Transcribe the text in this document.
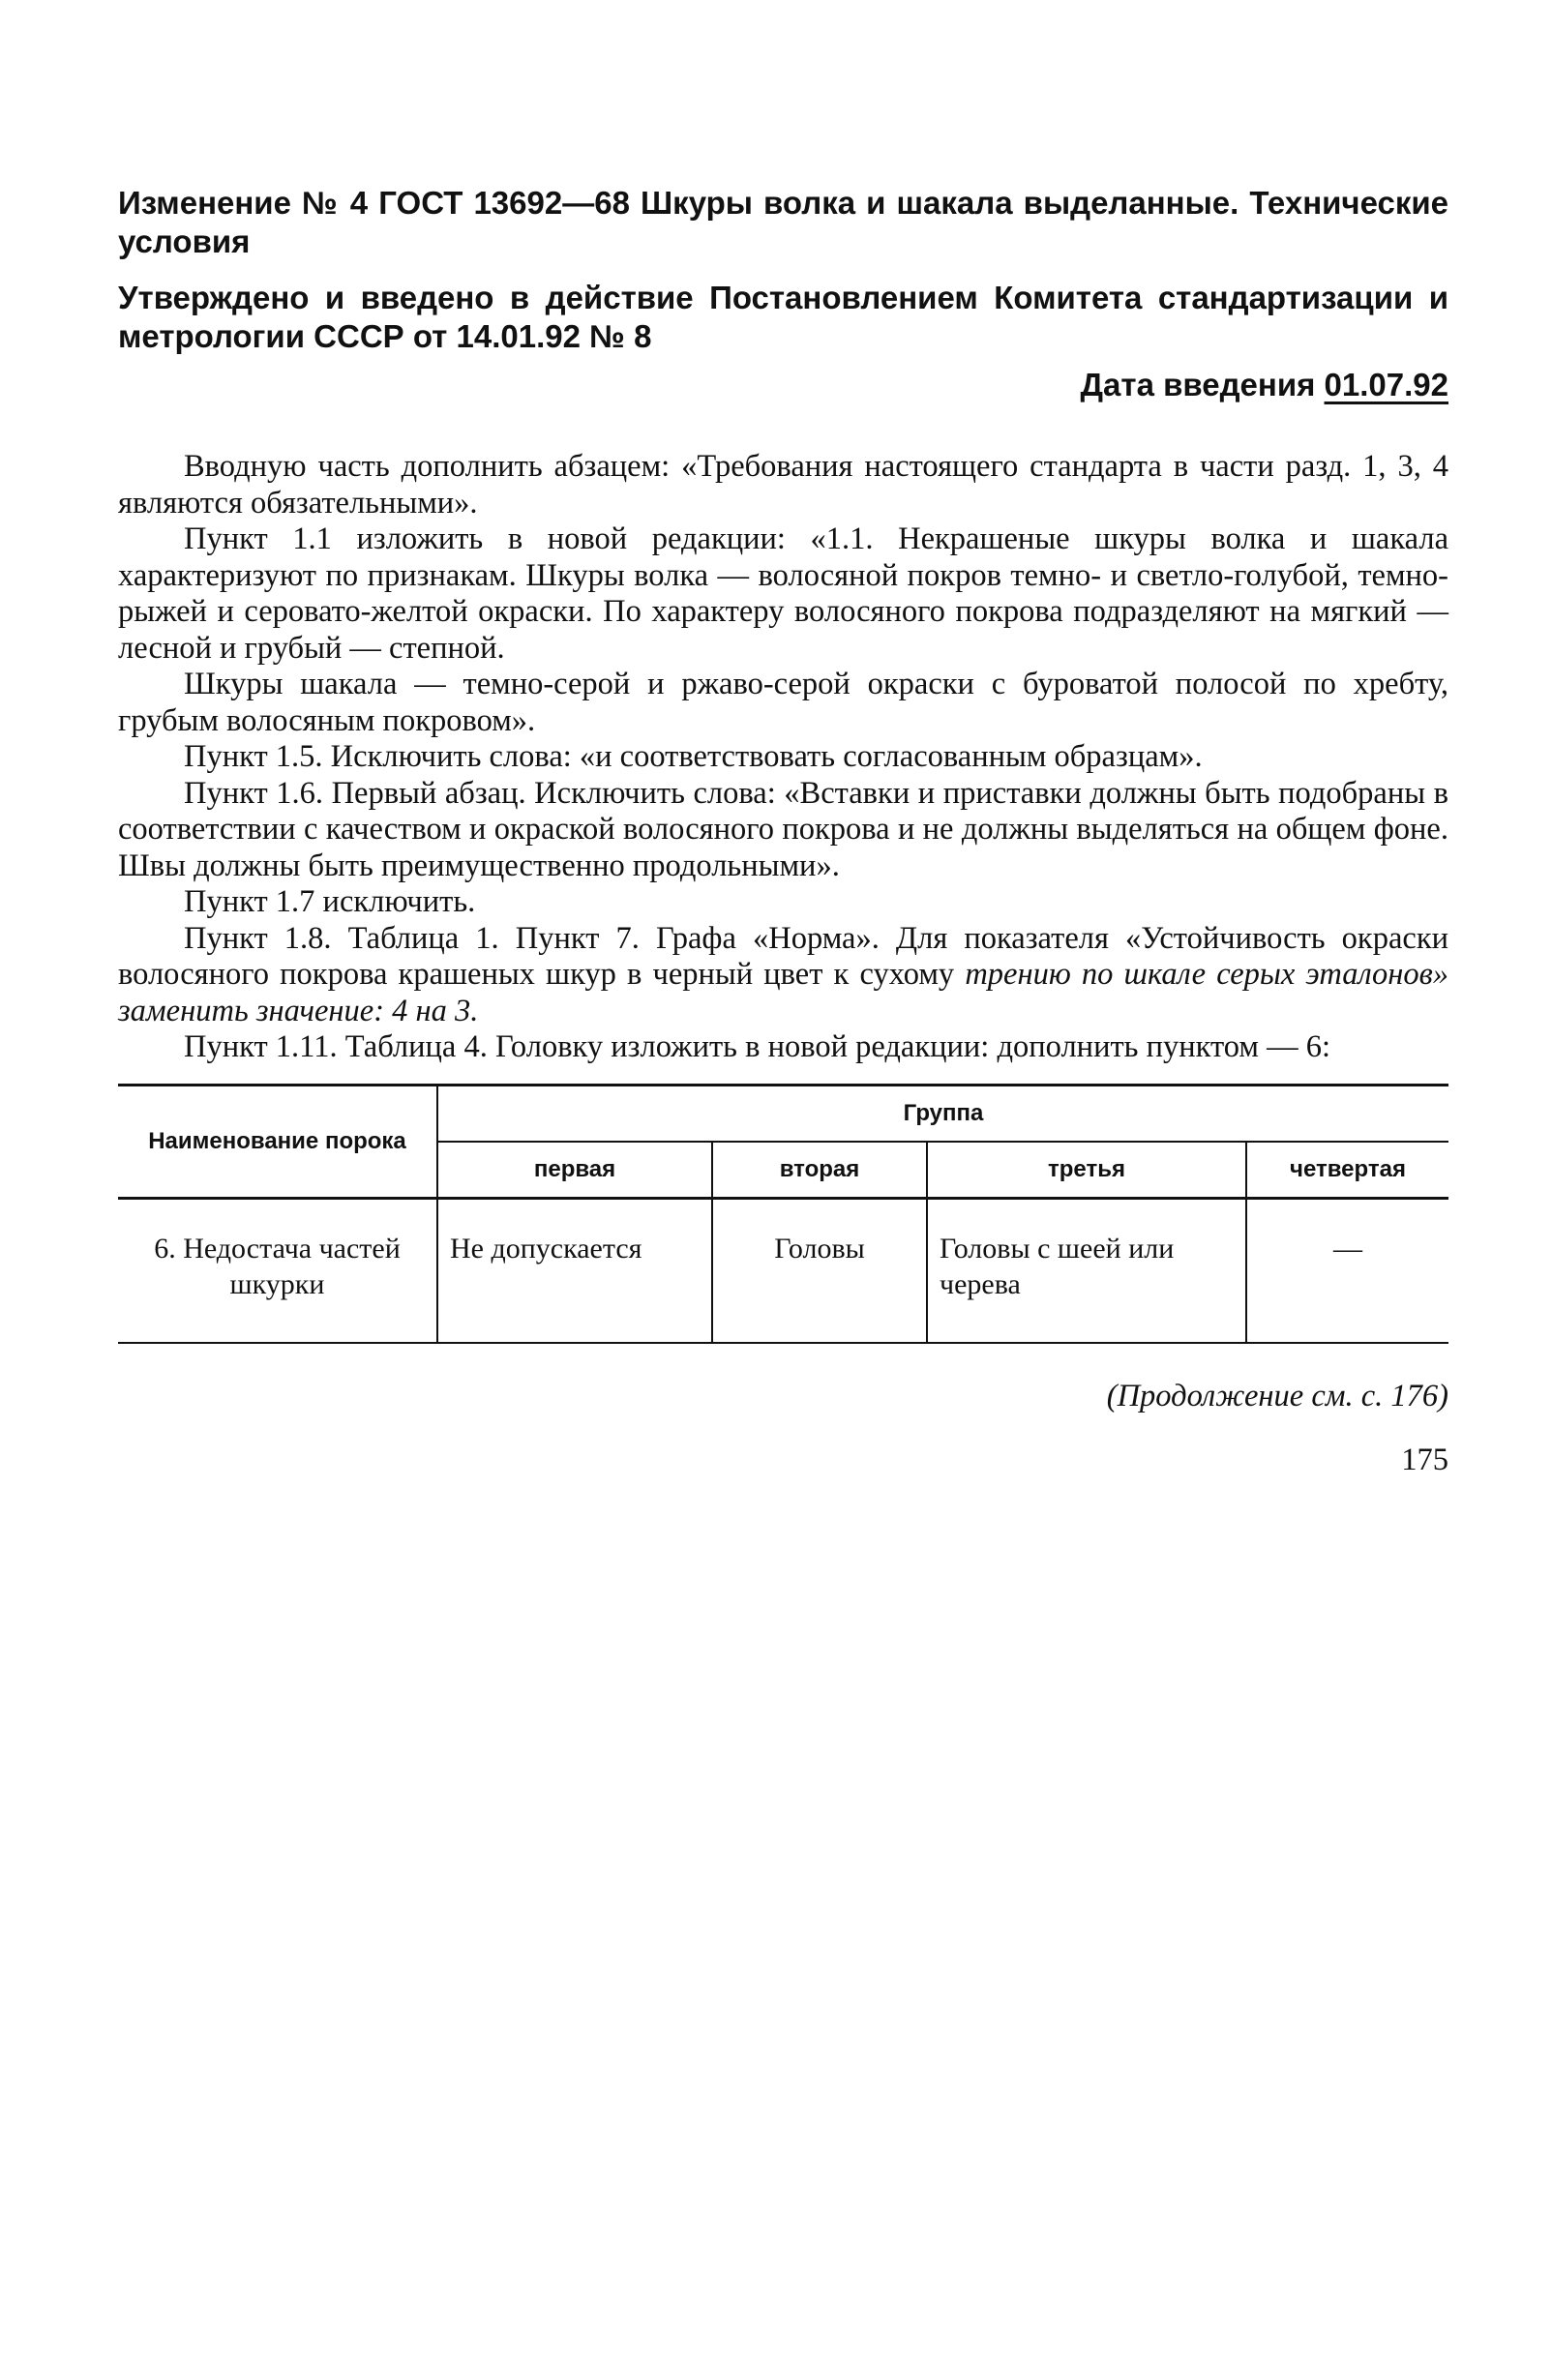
Изменение № 4 ГОСТ 13692—68 Шкуры волка и шакала выделанные. Технические условия

Утверждено и введено в действие Постановлением Комитета стандартизации и метрологии СССР от 14.01.92 № 8

Дата введения 01.07.92

Вводную часть дополнить абзацем: «Требования настоящего стандарта в части разд. 1, 3, 4 являются обязательными».

Пункт 1.1 изложить в новой редакции: «1.1. Некрашеные шкуры волка и шакала характеризуют по признакам. Шкуры волка — волосяной покров темно- и светло-голубой, темно-рыжей и серовато-желтой окраски. По характеру волосяного покрова подразделяют на мягкий — лесной и грубый — степной.

Шкуры шакала — темно-серой и ржаво-серой окраски с буроватой полосой по хребту, грубым волосяным покровом».

Пункт 1.5. Исключить слова: «и соответствовать согласованным образцам».

Пункт 1.6. Первый абзац. Исключить слова: «Вставки и приставки должны быть подобраны в соответствии с качеством и окраской волосяного покрова и не должны выделяться на общем фоне. Швы должны быть преимущественно продольными».

Пункт 1.7 исключить.

Пункт 1.8. Таблица 1. Пункт 7. Графа «Норма». Для показателя «Устойчивость окраски волосяного покрова крашеных шкур в черный цвет к сухому трению по шкале серых эталонов» заменить значение: 4 на 3.

Пункт 1.11. Таблица 4. Головку изложить в новой редакции: дополнить пунктом — 6:

Наименование порока	Группа			
	первая	вторая	третья	четвертая
6. Недостача частей шкурки	Не допускается	Головы	Головы с шеей или черева	—
(Продолжение см. с. 176)
175
